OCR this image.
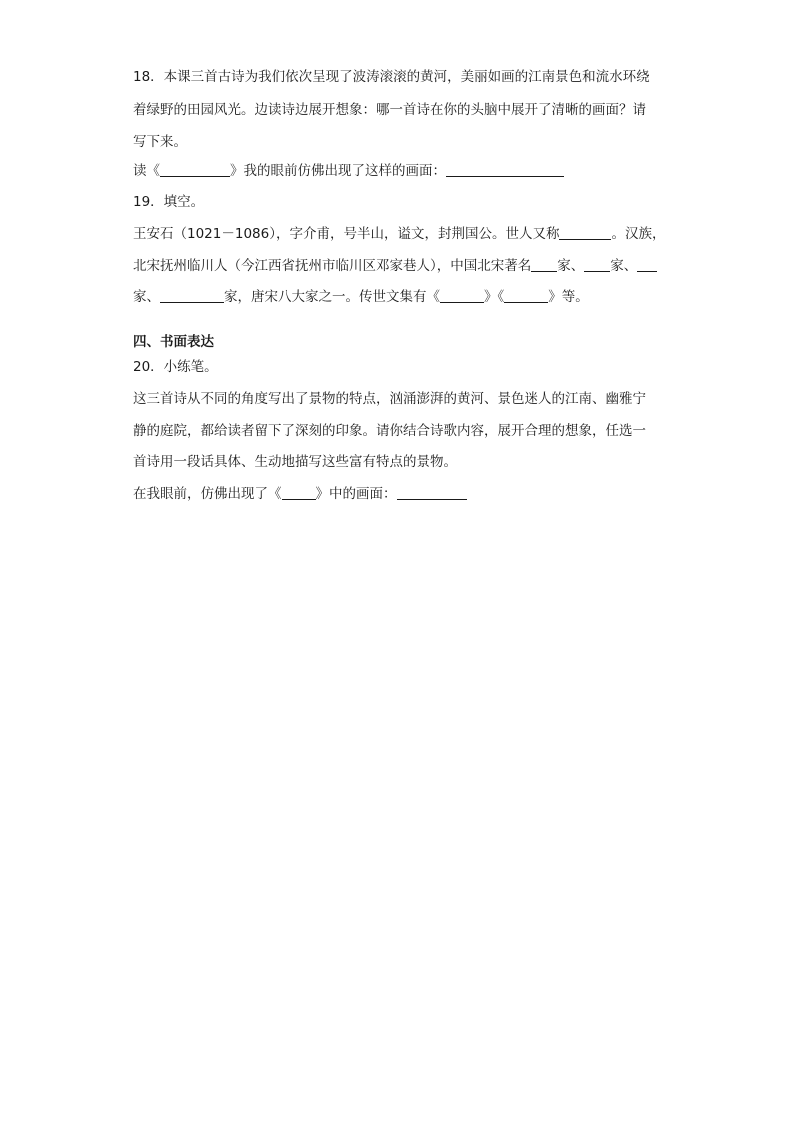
18．本课三首古诗为我们依次呈现了波涛滚滚的黄河，美丽如画的江南景色和流水环绕
着绿野的田园风光。边读诗边展开想象：哪一首诗在你的头脑中展开了清晰的画面？请
写下来。
读《	》我的眼前仿佛出现了这样的画面：
19．填空。
王安石（1021－1086），字介甫，号半山，谥文，封荆国公。世人又称	。汉族，
北宋抚州临川人（今江西省抚州市临川区邓家巷人），中国北宋著名 家、 家、
家、	家，唐宋八大家之一。传世文集有《	》《	》等。
四、书面表达
20．小练笔。
这三首诗从不同的角度写出了景物的特点，汹涌澎湃的黄河、景色迷人的江南、幽雅宁
静的庭院，都给读者留下了深刻的印象。请你结合诗歌内容，展开合理的想象，任选一
首诗用一段话具体、生动地描写这些富有特点的景物。
在我眼前，仿佛出现了《	》中的画面：
